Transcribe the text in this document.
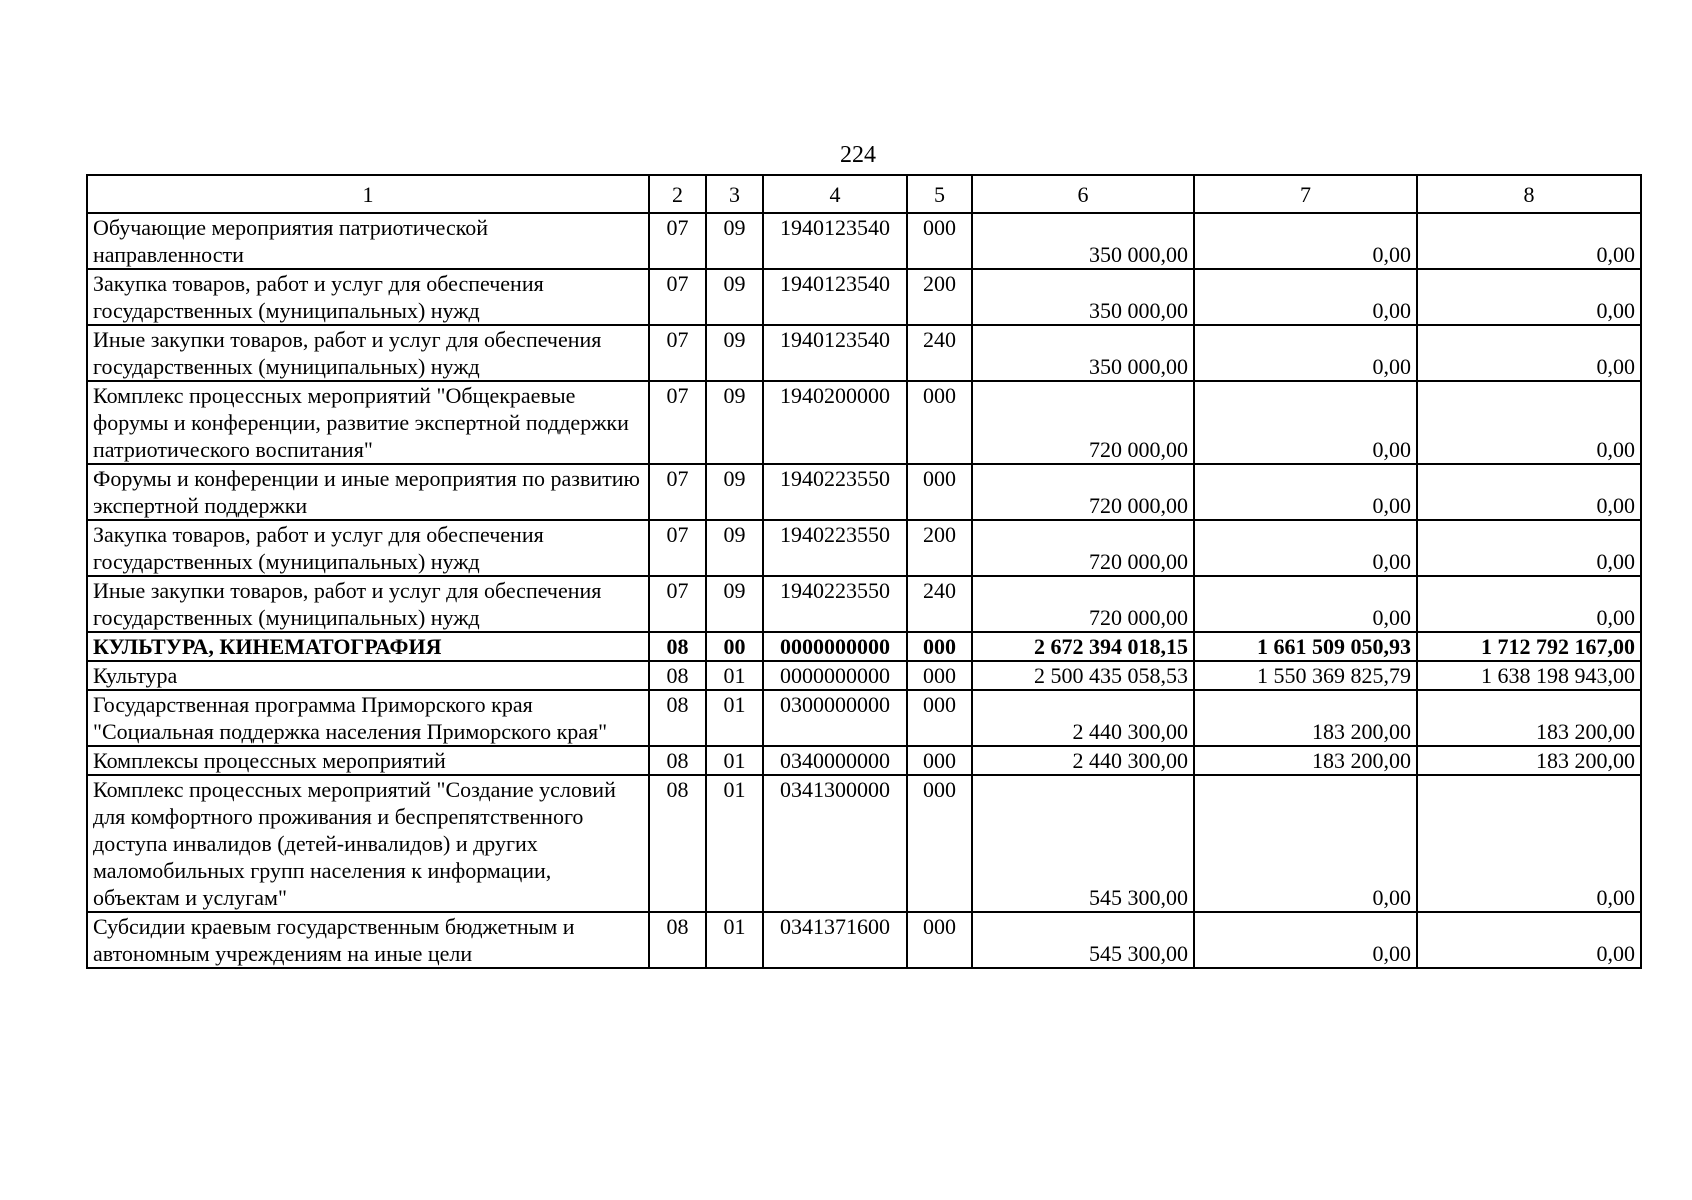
224
1	2	3	4	5	6	7	8
Обучающие мероприятия патриотической направленности	07	09	1940123540	000	350 000,00	0,00	0,00
Закупка товаров, работ и услуг для обеспечения государственных (муниципальных) нужд	07	09	1940123540	200	350 000,00	0,00	0,00
Иные закупки товаров, работ и услуг для обеспечения государственных (муниципальных) нужд	07	09	1940123540	240	350 000,00	0,00	0,00
Комплекс процессных мероприятий "Общекраевые форумы и конференции, развитие экспертной поддержки патриотического воспитания"	07	09	1940200000	000	720 000,00	0,00	0,00
Форумы и конференции и иные мероприятия по развитию экспертной поддержки	07	09	1940223550	000	720 000,00	0,00	0,00
Закупка товаров, работ и услуг для обеспечения государственных (муниципальных) нужд	07	09	1940223550	200	720 000,00	0,00	0,00
Иные закупки товаров, работ и услуг для обеспечения государственных (муниципальных) нужд	07	09	1940223550	240	720 000,00	0,00	0,00
КУЛЬТУРА, КИНЕМАТОГРАФИЯ	08	00	0000000000	000	2 672 394 018,15	1 661 509 050,93	1 712 792 167,00
Культура	08	01	0000000000	000	2 500 435 058,53	1 550 369 825,79	1 638 198 943,00
Государственная программа Приморского края "Социальная поддержка населения Приморского края"	08	01	0300000000	000	2 440 300,00	183 200,00	183 200,00
Комплексы процессных мероприятий	08	01	0340000000	000	2 440 300,00	183 200,00	183 200,00
Комплекс процессных мероприятий "Создание условий для комфортного проживания и беспрепятственного доступа инвалидов (детей-инвалидов) и других маломобильных групп населения к информации, объектам и услугам"	08	01	0341300000	000	545 300,00	0,00	0,00
Субсидии краевым государственным бюджетным и автономным учреждениям на иные цели	08	01	0341371600	000	545 300,00	0,00	0,00
